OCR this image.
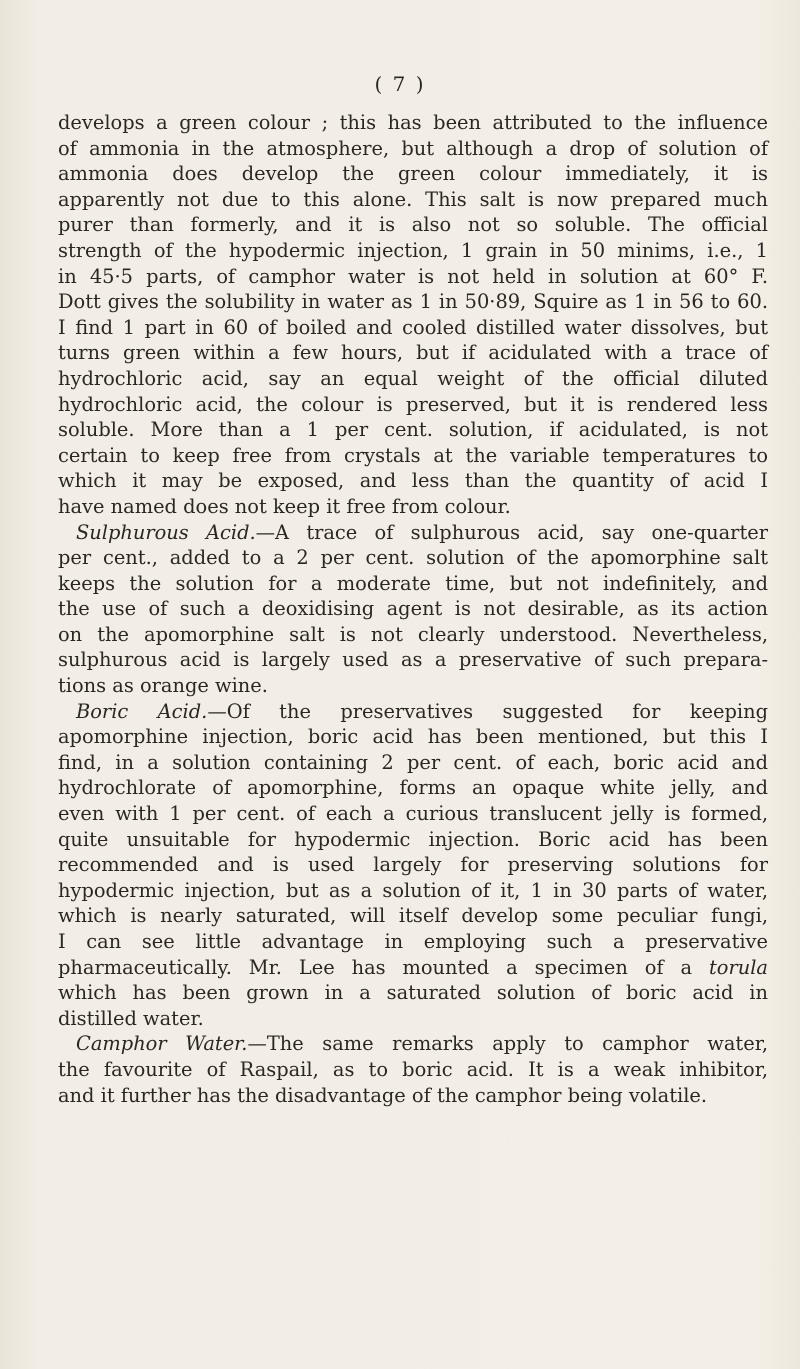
( 7 )
develops a green colour ; this has been attributed to the influence
of ammonia in the atmosphere, but although a drop of solution of
ammonia does develop the green colour immediately, it is
apparently not due to this alone. This salt is now prepared much
purer than formerly, and it is also not so soluble. The official
strength of the hypodermic injection, 1 grain in 50 minims, i.e., 1
in 45·5 parts, of camphor water is not held in solution at 60° F.
Dott gives the solubility in water as 1 in 50·89, Squire as 1 in 56 to 60.
I find 1 part in 60 of boiled and cooled distilled water dissolves, but
turns green within a few hours, but if acidulated with a trace of
hydrochloric acid, say an equal weight of the official diluted
hydrochloric acid, the colour is preserved, but it is rendered less
soluble. More than a 1 per cent. solution, if acidulated, is not
certain to keep free from crystals at the variable temperatures to
which it may be exposed, and less than the quantity of acid I
have named does not keep it free from colour.
Sulphurous Acid.—A trace of sulphurous acid, say one-quarter
per cent., added to a 2 per cent. solution of the apomorphine salt
keeps the solution for a moderate time, but not indefinitely, and
the use of such a deoxidising agent is not desirable, as its action
on the apomorphine salt is not clearly understood. Nevertheless,
sulphurous acid is largely used as a preservative of such prepara-
tions as orange wine.
Boric Acid.—Of the preservatives suggested for keeping
apomorphine injection, boric acid has been mentioned, but this I
find, in a solution containing 2 per cent. of each, boric acid and
hydrochlorate of apomorphine, forms an opaque white jelly, and
even with 1 per cent. of each a curious translucent jelly is formed,
quite unsuitable for hypodermic injection. Boric acid has been
recommended and is used largely for preserving solutions for
hypodermic injection, but as a solution of it, 1 in 30 parts of water,
which is nearly saturated, will itself develop some peculiar fungi,
I can see little advantage in employing such a preservative
pharmaceutically. Mr. Lee has mounted a specimen of a torula
which has been grown in a saturated solution of boric acid in
distilled water.
Camphor Water.—The same remarks apply to camphor water,
the favourite of Raspail, as to boric acid. It is a weak inhibitor,
and it further has the disadvantage of the camphor being volatile.
